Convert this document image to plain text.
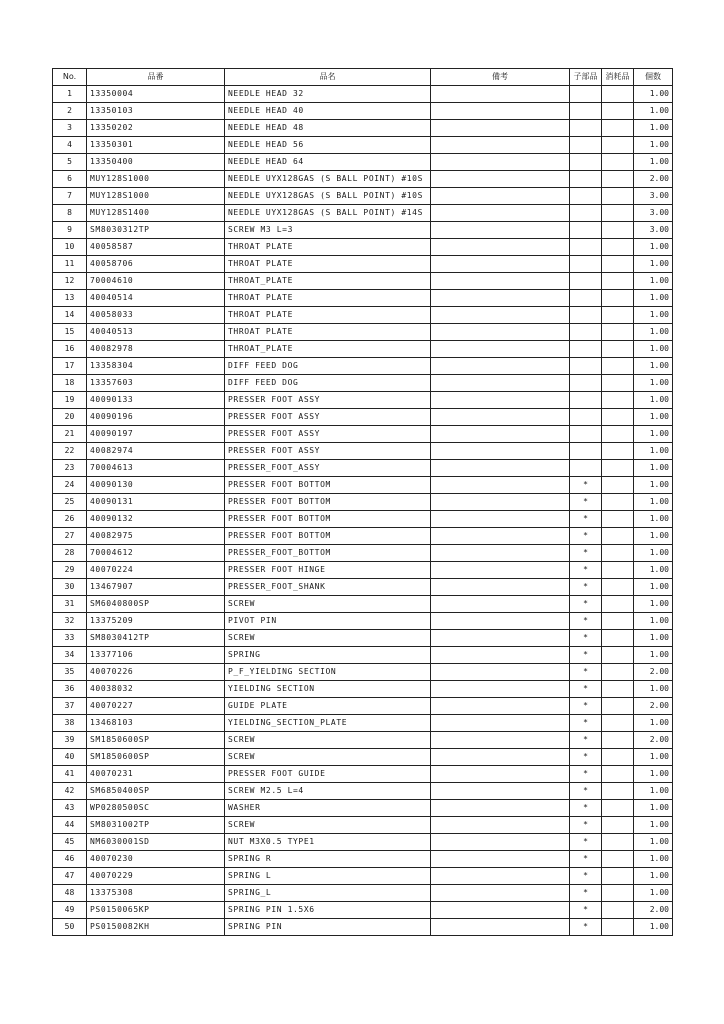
No.	品番	品名	備考	子部品	消耗品	個数
1	13350004	NEEDLE HEAD 32				1.00
2	13350103	NEEDLE HEAD 40				1.00
3	13350202	NEEDLE HEAD 48				1.00
4	13350301	NEEDLE HEAD 56				1.00
5	13350400	NEEDLE HEAD 64				1.00
6	MUY128S1000	NEEDLE UYX128GAS (S BALL POINT) #10S				2.00
7	MUY128S1000	NEEDLE UYX128GAS (S BALL POINT) #10S				3.00
8	MUY128S1400	NEEDLE UYX128GAS (S BALL POINT) #14S				3.00
9	SM8030312TP	SCREW M3 L=3				3.00
10	40058587	THROAT PLATE				1.00
11	40058706	THROAT PLATE				1.00
12	70004610	THROAT_PLATE				1.00
13	40040514	THROAT PLATE				1.00
14	40058033	THROAT PLATE				1.00
15	40040513	THROAT PLATE				1.00
16	40082978	THROAT_PLATE				1.00
17	13358304	DIFF FEED DOG				1.00
18	13357603	DIFF FEED DOG				1.00
19	40090133	PRESSER FOOT ASSY				1.00
20	40090196	PRESSER FOOT ASSY				1.00
21	40090197	PRESSER FOOT ASSY				1.00
22	40082974	PRESSER FOOT ASSY				1.00
23	70004613	PRESSER_FOOT_ASSY				1.00
24	40090130	PRESSER FOOT BOTTOM		*		1.00
25	40090131	PRESSER FOOT BOTTOM		*		1.00
26	40090132	PRESSER FOOT BOTTOM		*		1.00
27	40082975	PRESSER FOOT BOTTOM		*		1.00
28	70004612	PRESSER_FOOT_BOTTOM		*		1.00
29	40070224	PRESSER FOOT HINGE		*		1.00
30	13467907	PRESSER_FOOT_SHANK		*		1.00
31	SM6040800SP	SCREW		*		1.00
32	13375209	PIVOT PIN		*		1.00
33	SM8030412TP	SCREW		*		1.00
34	13377106	SPRING		*		1.00
35	40070226	P_F_YIELDING SECTION		*		2.00
36	40038032	YIELDING SECTION		*		1.00
37	40070227	GUIDE PLATE		*		2.00
38	13468103	YIELDING_SECTION_PLATE		*		1.00
39	SM1850600SP	SCREW		*		2.00
40	SM1850600SP	SCREW		*		1.00
41	40070231	PRESSER FOOT GUIDE		*		1.00
42	SM6850400SP	SCREW M2.5 L=4		*		1.00
43	WP0280500SC	WASHER		*		1.00
44	SM8031002TP	SCREW		*		1.00
45	NM6030001SD	NUT M3X0.5 TYPE1		*		1.00
46	40070230	SPRING R		*		1.00
47	40070229	SPRING L		*		1.00
48	13375308	SPRING_L		*		1.00
49	PS0150065KP	SPRING PIN 1.5X6		*		2.00
50	PS0150082KH	SPRING PIN		*		1.00
